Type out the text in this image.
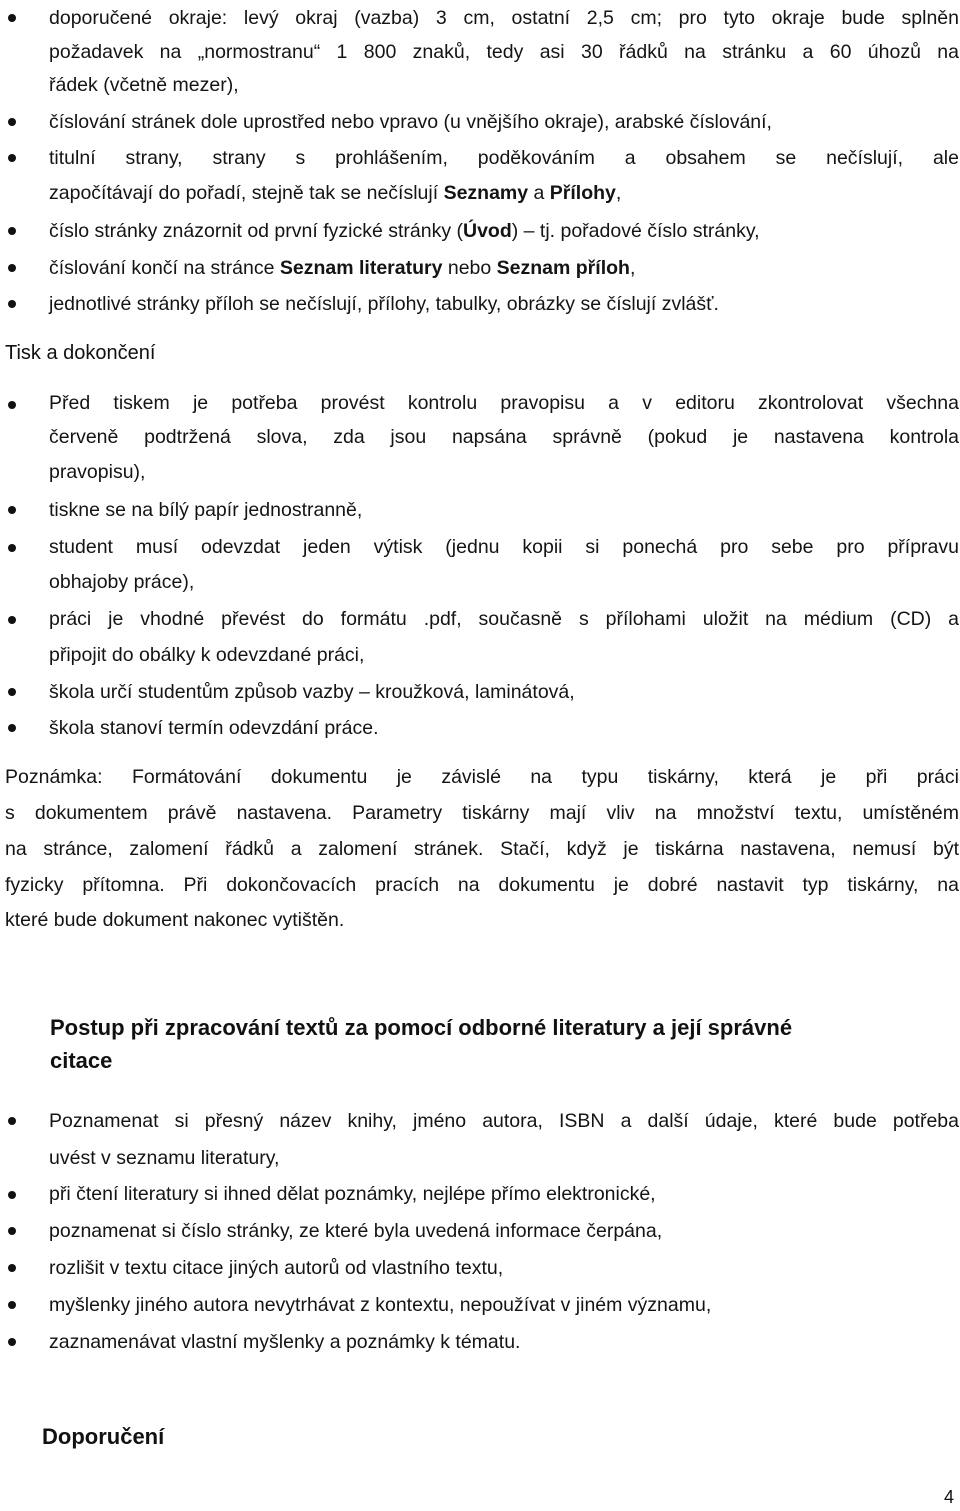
doporučené okraje: levý okraj (vazba) 3 cm, ostatní 2,5 cm; pro tyto okraje bude splněn
požadavek na „normostranu“ 1 800 znaků, tedy asi 30 řádků na stránku a 60 úhozů na
řádek (včetně mezer),
číslování stránek dole uprostřed nebo vpravo (u vnějšího okraje), arabské číslování,
titulní strany, strany s prohlášením, poděkováním a obsahem se nečíslují, ale
započítávají do pořadí, stejně tak se nečíslují Seznamy a Přílohy,
číslo stránky znázornit od první fyzické stránky (Úvod) – tj. pořadové číslo stránky,
číslování končí na stránce Seznam literatury nebo Seznam příloh,
jednotlivé stránky příloh se nečíslují, přílohy, tabulky, obrázky se číslují zvlášť.
Tisk a dokončení
Před tiskem je potřeba provést kontrolu pravopisu a v editoru zkontrolovat všechna
červeně podtržená slova, zda jsou napsána správně (pokud je nastavena kontrola
pravopisu),
tiskne se na bílý papír jednostranně,
student musí odevzdat jeden výtisk (jednu kopii si ponechá pro sebe pro přípravu
obhajoby práce),
práci je vhodné převést do formátu .pdf, současně s přílohami uložit na médium (CD) a
připojit do obálky k odevzdané práci,
škola určí studentům způsob vazby – kroužková, laminátová,
škola stanoví termín odevzdání práce.
Poznámka: Formátování dokumentu je závislé na typu tiskárny, která je při práci
s dokumentem právě nastavena. Parametry tiskárny mají vliv na množství textu, umístěném
na stránce, zalomení řádků a zalomení stránek. Stačí, když je tiskárna nastavena, nemusí být
fyzicky přítomna. Při dokončovacích pracích na dokumentu je dobré nastavit typ tiskárny, na
které bude dokument nakonec vytištěn.
Postup při zpracování textů za pomocí odborné literatury a její správné
citace
Poznamenat si přesný název knihy, jméno autora, ISBN a další údaje, které bude potřeba
uvést v seznamu literatury,
při čtení literatury si ihned dělat poznámky, nejlépe přímo elektronické,
poznamenat si číslo stránky, ze které byla uvedená informace čerpána,
rozlišit v textu citace jiných autorů od vlastního textu,
myšlenky jiného autora nevytrhávat z kontextu, nepoužívat v jiném významu,
zaznamenávat vlastní myšlenky a poznámky k tématu.
Doporučení
4
